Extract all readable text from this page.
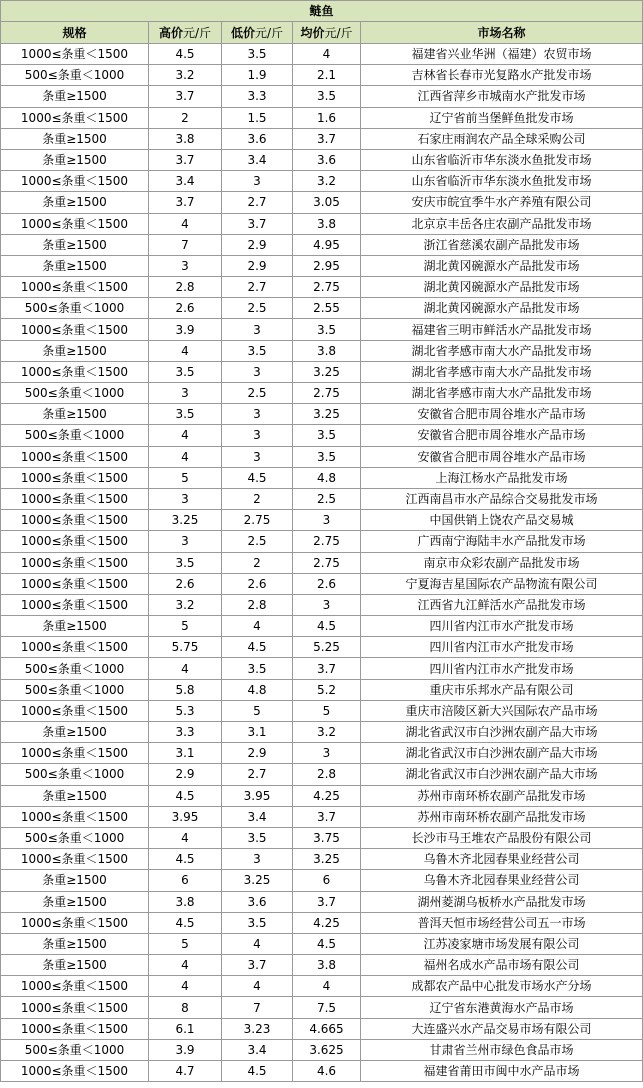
鲢鱼				
规格	高价元/斤	低价元/斤	均价元/斤	市场名称
1000≤条重＜1500	4.5	3.5	4	福建省兴业华洲（福建）农贸市场
500≤条重＜1000	3.2	1.9	2.1	吉林省长春市光复路水产批发市场
条重≥1500	3.7	3.3	3.5	江西省萍乡市城南水产批发市场
1000≤条重＜1500	2	1.5	1.6	辽宁省前当堡鲜鱼批发市场
条重≥1500	3.8	3.6	3.7	石家庄雨润农产品全球采购公司
条重≥1500	3.7	3.4	3.6	山东省临沂市华东淡水鱼批发市场
1000≤条重＜1500	3.4	3	3.2	山东省临沂市华东淡水鱼批发市场
条重≥1500	3.7	2.7	3.05	安庆市皖宜季牛水产养殖有限公司
1000≤条重＜1500	4	3.7	3.8	北京京丰岳各庄农副产品批发市场
条重≥1500	7	2.9	4.95	浙江省慈溪农副产品批发市场
条重≥1500	3	2.9	2.95	湖北黄冈碗源水产品批发市场
1000≤条重＜1500	2.8	2.7	2.75	湖北黄冈碗源水产品批发市场
500≤条重＜1000	2.6	2.5	2.55	湖北黄冈碗源水产品批发市场
1000≤条重＜1500	3.9	3	3.5	福建省三明市鲜活水产品批发市场
条重≥1500	4	3.5	3.8	湖北省孝感市南大水产品批发市场
1000≤条重＜1500	3.5	3	3.25	湖北省孝感市南大水产品批发市场
500≤条重＜1000	3	2.5	2.75	湖北省孝感市南大水产品批发市场
条重≥1500	3.5	3	3.25	安徽省合肥市周谷堆水产品市场
500≤条重＜1000	4	3	3.5	安徽省合肥市周谷堆水产品市场
1000≤条重＜1500	4	3	3.5	安徽省合肥市周谷堆水产品市场
1000≤条重＜1500	5	4.5	4.8	上海江杨水产品批发市场
1000≤条重＜1500	3	2	2.5	江西南昌市水产品综合交易批发市场
1000≤条重＜1500	3.25	2.75	3	中国供销上饶农产品交易城
1000≤条重＜1500	3	2.5	2.75	广西南宁海陆丰水产品批发市场
1000≤条重＜1500	3.5	2	2.75	南京市众彩农副产品批发市场
1000≤条重＜1500	2.6	2.6	2.6	宁夏海吉星国际农产品物流有限公司
1000≤条重＜1500	3.2	2.8	3	江西省九江鲜活水产品批发市场
条重≥1500	5	4	4.5	四川省内江市水产批发市场
1000≤条重＜1500	5.75	4.5	5.25	四川省内江市水产批发市场
500≤条重＜1000	4	3.5	3.7	四川省内江市水产批发市场
500≤条重＜1000	5.8	4.8	5.2	重庆市乐邦水产品有限公司
1000≤条重＜1500	5.3	5	5	重庆市涪陵区新大兴国际农产品市场
条重≥1500	3.3	3.1	3.2	湖北省武汉市白沙洲农副产品大市场
1000≤条重＜1500	3.1	2.9	3	湖北省武汉市白沙洲农副产品大市场
500≤条重＜1000	2.9	2.7	2.8	湖北省武汉市白沙洲农副产品大市场
条重≥1500	4.5	3.95	4.25	苏州市南环桥农副产品批发市场
1000≤条重＜1500	3.95	3.4	3.7	苏州市南环桥农副产品批发市场
500≤条重＜1000	4	3.5	3.75	长沙市马王堆农产品股份有限公司
1000≤条重＜1500	4.5	3	3.25	乌鲁木齐北园春果业经营公司
条重≥1500	6	3.25	6	乌鲁木齐北园春果业经营公司
条重≥1500	3.8	3.6	3.7	湖州菱湖乌板桥水产品批发市场
1000≤条重＜1500	4.5	3.5	4.25	普洱天恒市场经营公司五一市场
条重≥1500	5	4	4.5	江苏凌家塘市场发展有限公司
条重≥1500	4	3.7	3.8	福州名成水产品市场有限公司
1000≤条重＜1500	4	4	4	成都农产品中心批发市场水产分场
1000≤条重＜1500	8	7	7.5	辽宁省东港黄海水产品市场
1000≤条重＜1500	6.1	3.23	4.665	大连盛兴水产品交易市场有限公司
500≤条重＜1000	3.9	3.4	3.625	甘肃省兰州市绿色食品市场
1000≤条重＜1500	4.7	4.5	4.6	福建省莆田市闽中水产品市场
